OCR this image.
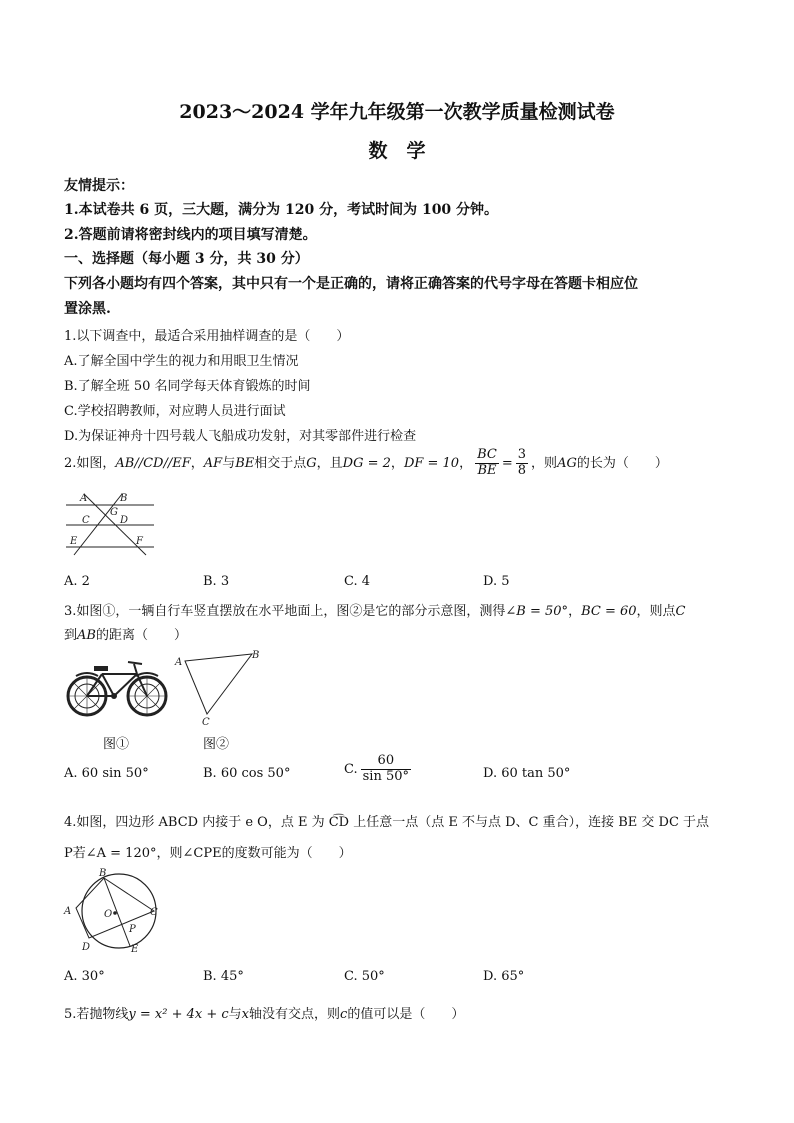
2023～2024 学年九年级第一次教学质量检测试卷
数　学
友情提示：
1.本试卷共 6 页，三大题，满分为 120 分，考试时间为 100 分钟。
2.答题前请将密封线内的项目填写清楚。
一、选择题（每小题 3 分，共 30 分）
下列各小题均有四个答案，其中只有一个是正确的，请将正确答案的代号字母在答题卡相应位
置涂黑.
1.以下调查中，最适合采用抽样调查的是（　　）
A.了解全国中学生的视力和用眼卫生情况
B.了解全班 50 名同学每天体育锻炼的时间
C.学校招聘教师，对应聘人员进行面试
D.为保证神舟十四号载人飞船成功发射，对其零部件进行检查
2.如图，AB//CD//EF，AF与BE相交于点G，且DG = 2，DF = 10， $\frac{BC}{BE} = \frac{3}{8}$ ，则AG的长为（　　）
A	B
G
C	D
E	F
A. 2	B. 3	C. 4	D. 5
3.如图①，一辆自行车竖直摆放在水平地面上，图②是它的部分示意图，测得∠B = 50°，BC = 60，则点C
到AB的距离（　　）
A
B
C
图①	图②
A. 60 sin 50°	B. 60 cos 50°	C. $\frac{60}{\sin 50^\circ}$	D. 60 tan 50°
4.如图，四边形 ABCD 内接于 e O，点 E 为 C͡D 上任意一点（点 E 不与点 D、C 重合），连接 BE 交 DC 于点
P若∠A = 120°，则∠CPE的度数可能为（　　）
A
B
O	C
P
D	E
A. 30°	B. 45°	C. 50°	D. 65°
5.若抛物线y = x² + 4x + c与x轴没有交点，则c的值可以是（　　）
